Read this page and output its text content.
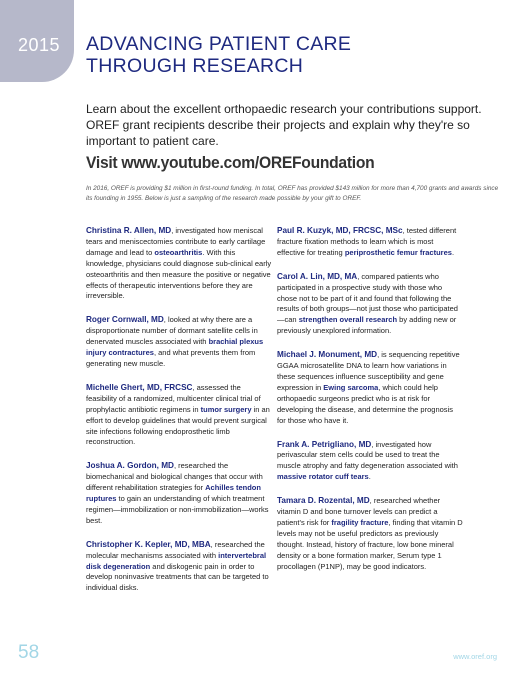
2015 ADVANCING PATIENT CARE
THROUGH RESEARCH

Learn about the excellent orthopaedic research your contributions support. OREF grant recipients describe their projects and explain why they're so important to patient care.

Visit www.youtube.com/OREFoundation

In 2016, OREF is providing $1 million in first-round funding. In total, OREF has provided $143 million for more than 4,700 grants and awards since its founding in 1955. Below is just a sampling of the research made possible by your gift to OREF.

Christina R. Allen, MD, investigated how meniscal tears and meniscectomies contribute to early cartilage damage and lead to osteoarthritis. With this knowledge, physicians could diagnose sub-clinical early osteoarthritis and then measure the positive or negative effects of therapeutic interventions before they are irreversible.

Roger Cornwall, MD, looked at why there are a disproportionate number of dormant satellite cells in denervated muscles associated with brachial plexus injury contractures, and what prevents them from generating new muscle.

Michelle Ghert, MD, FRCSC, assessed the feasibility of a randomized, multicenter clinical trial of prophylactic antibiotic regimens in tumor surgery in an effort to develop guidelines that would prevent surgical site infections following endoprosthetic limb reconstruction.

Joshua A. Gordon, MD, researched the biomechanical and biological changes that occur with different rehabilitation strategies for Achilles tendon ruptures to gain an understanding of which treatment regimen—immobilization or non-immobilization—works best.

Christopher K. Kepler, MD, MBA, researched the molecular mechanisms associated with intervertebral disk degeneration and diskogenic pain in order to develop noninvasive treatments that can be targeted to individual disks.

Paul R. Kuzyk, MD, FRCSC, MSc, tested different fracture fixation methods to learn which is most effective for treating periprosthetic femur fractures.

Carol A. Lin, MD, MA, compared patients who participated in a prospective study with those who chose not to be part of it and found that following the results of both groups—not just those who participated—can strengthen overall research by adding new or previously unexplored information.

Michael J. Monument, MD, is sequencing repetitive GGAA microsatellite DNA to learn how variations in these sequences influence susceptibility and gene expression in Ewing sarcoma, which could help orthopaedic surgeons predict who is at risk for developing the disease, and determine the prognosis for those who have it.

Frank A. Petrigliano, MD, investigated how perivascular stem cells could be used to treat the muscle atrophy and fatty degeneration associated with massive rotator cuff tears.

Tamara D. Rozental, MD, researched whether vitamin D and bone turnover levels can predict a patient's risk for fragility fracture, finding that vitamin D levels may not be useful predictors as previously thought. Instead, history of fracture, low bone mineral density or a bone formation marker, Serum type 1 procollagen (P1NP), may be good indicators.

58	www.oref.org
